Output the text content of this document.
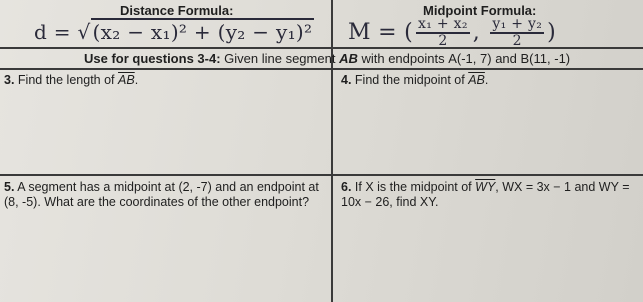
Distance Formula:	Midpoint Formula:
d = √ (x₂ − x₁)² + (y₂ − y₁)² M = ( $\frac{\text{x₁ + x₂}}{2}$ , $\frac{\text{y₁ + y₂}}{2}$ )
Use for questions 3-4: Given line segment AB with endpoints A(-1, 7) and B(11, -1)
3. Find the length of $\overline{AB}$.	4. Find the midpoint of $\overline{AB}$.
5. A segment has a midpoint at (2, -7) and an endpoint at (8, -5). What are the coordinates of the other endpoint?
6. If X is the midpoint of $\overline{WY}$, WX = 3x − 1 and WY = 10x − 26, find XY.
